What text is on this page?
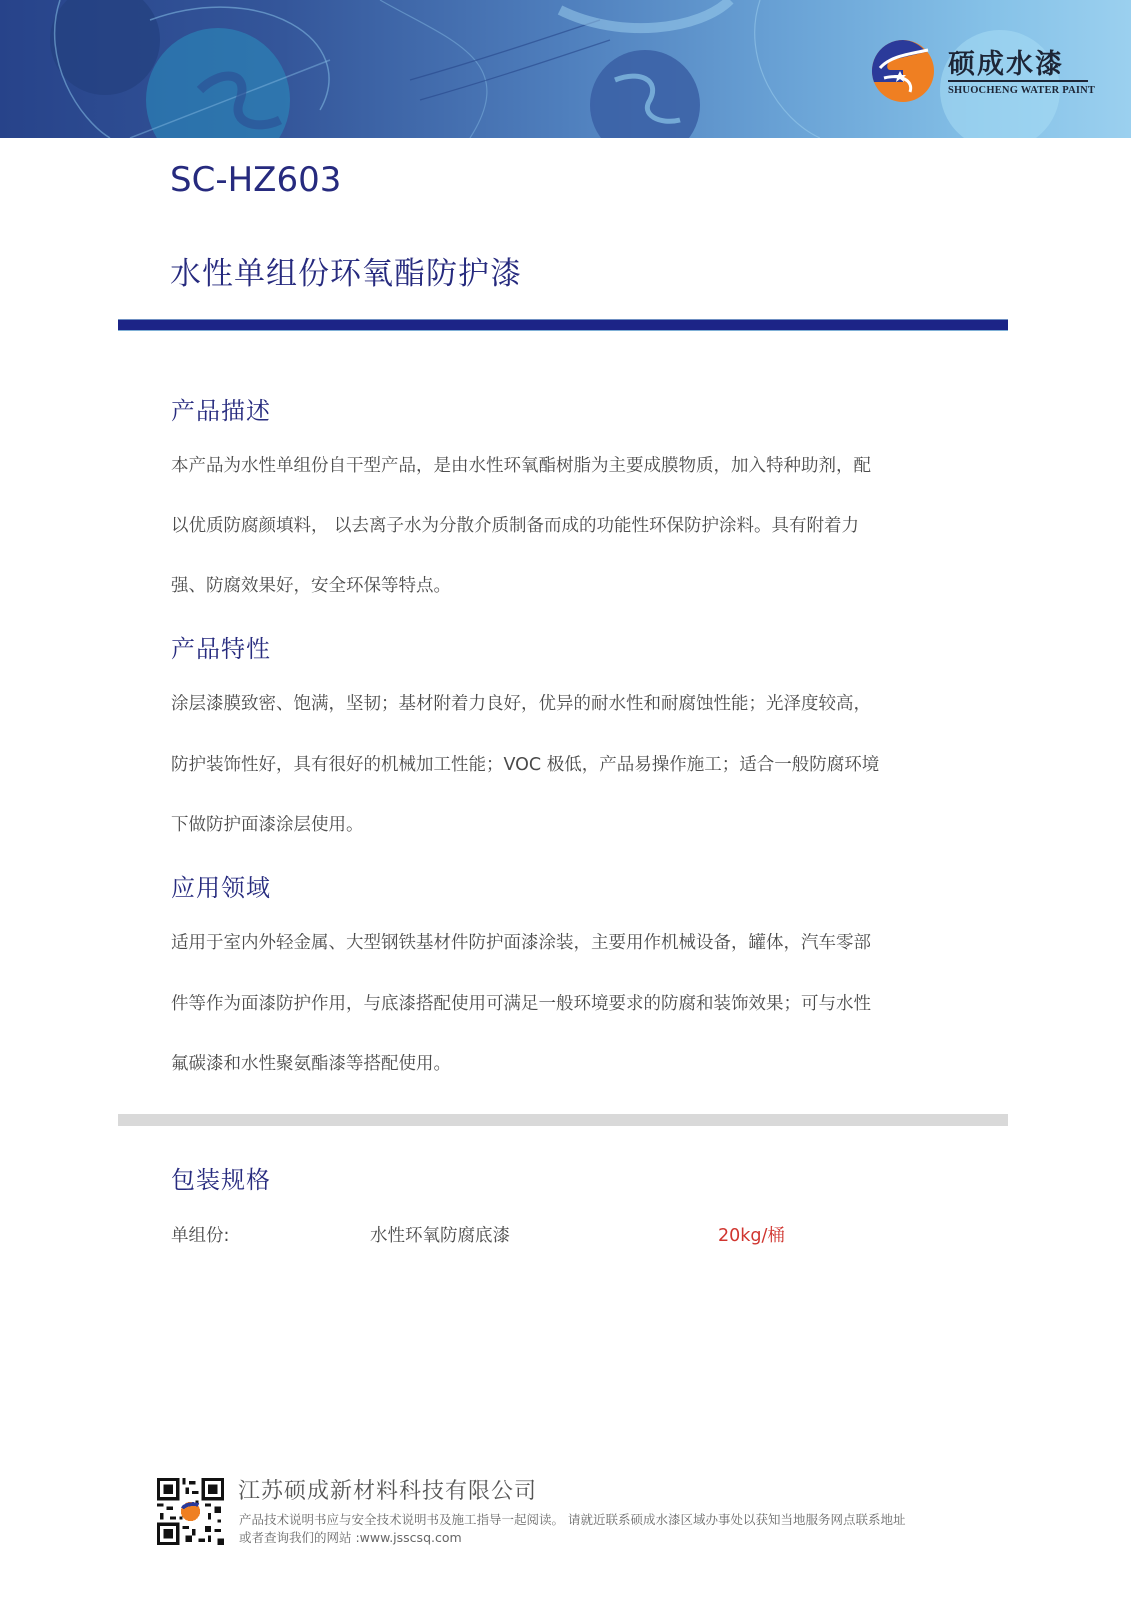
硕成水漆
SHUOCHENG WATER PAINT
SC-HZ603
水性单组份环氧酯防护漆
产品描述
本产品为水性单组份自干型产品，是由水性环氧酯树脂为主要成膜物质，加入特种助剂，配
以优质防腐颜填料， 以去离子水为分散介质制备而成的功能性环保防护涂料。具有附着力
强、防腐效果好，安全环保等特点。
产品特性
涂层漆膜致密、饱满，坚韧；基材附着力良好，优异的耐水性和耐腐蚀性能；光泽度较高，
防护装饰性好，具有很好的机械加工性能；VOC 极低，产品易操作施工；适合一般防腐环境
下做防护面漆涂层使用。
应用领域
适用于室内外轻金属、大型钢铁基材件防护面漆涂装，主要用作机械设备，罐体，汽车零部
件等作为面漆防护作用，与底漆搭配使用可满足一般环境要求的防腐和装饰效果；可与水性
氟碳漆和水性聚氨酯漆等搭配使用。
包装规格
单组份:	水性环氧防腐底漆	20kg/桶
江苏硕成新材料科技有限公司
产品技术说明书应与安全技术说明书及施工指导一起阅读。 请就近联系硕成水漆区域办事处以获知当地服务网点联系地址
或者查询我们的网站 :www.jsscsq.com
